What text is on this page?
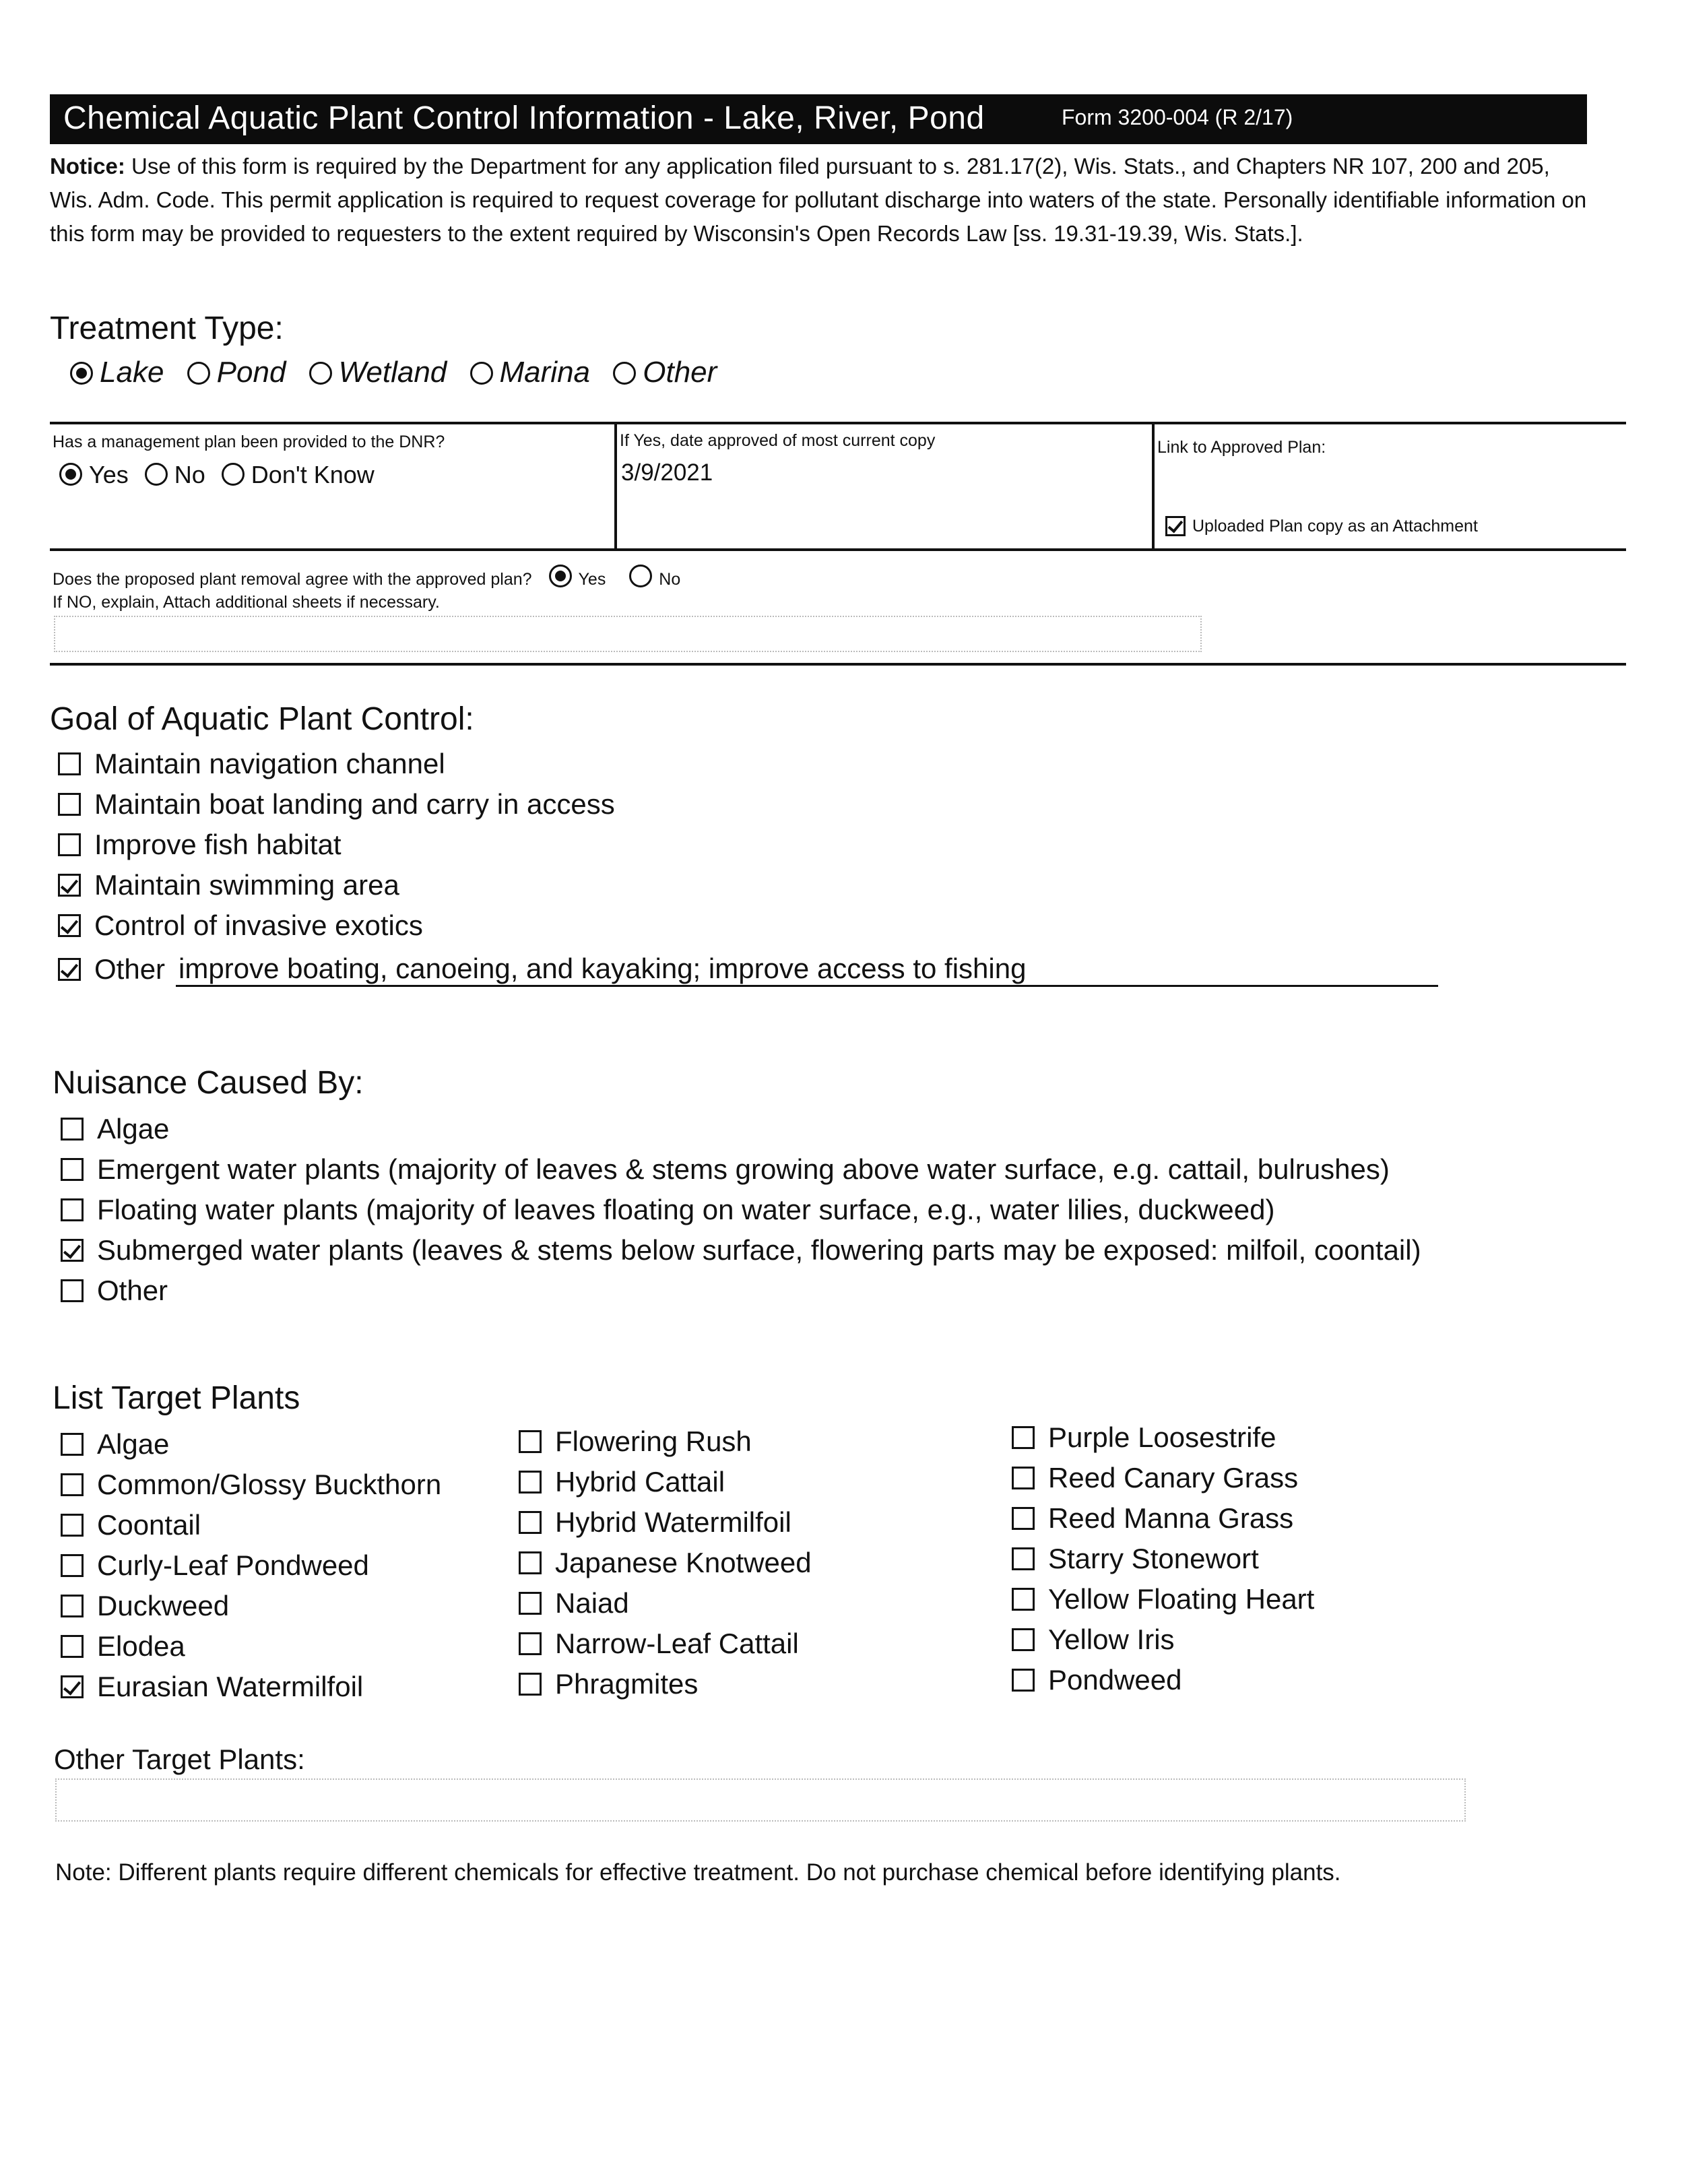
Chemical Aquatic Plant Control Information - Lake, River, Pond	Form 3200-004 (R 2/17)
Notice: Use of this form is required by the Department for any application filed pursuant to s. 281.17(2), Wis. Stats., and Chapters NR 107, 200 and 205, Wis. Adm. Code. This permit application is required to request coverage for pollutant discharge into waters of the state. Personally identifiable information on this form may be provided to requesters to the extent required by Wisconsin's Open Records Law [ss. 19.31-19.39, Wis. Stats.].
Treatment Type:
Lake Pond Wetland Marina Other
Has a management plan been provided to the DNR?
Yes No Don't Know
If Yes, date approved of most current copy
3/9/2021
Link to Approved Plan:
Uploaded Plan copy as an Attachment
Does the proposed plant removal agree with the approved plan?	Yes	No
If NO, explain, Attach additional sheets if necessary.
Goal of Aquatic Plant Control:
Maintain navigation channel
Maintain boat landing and carry in access
Improve fish habitat
Maintain swimming area
Control of invasive exotics
Other improve boating, canoeing, and kayaking; improve access to fishing
Nuisance Caused By:
Algae
Emergent water plants (majority of leaves & stems growing above water surface, e.g. cattail, bulrushes)
Floating water plants (majority of leaves floating on water surface, e.g., water lilies, duckweed)
Submerged water plants (leaves & stems below surface, flowering parts may be exposed: milfoil, coontail)
Other
List Target Plants
Algae
Common/Glossy Buckthorn
Coontail
Curly-Leaf Pondweed
Duckweed
Elodea
Eurasian Watermilfoil
Flowering Rush
Hybrid Cattail
Hybrid Watermilfoil
Japanese Knotweed
Naiad
Narrow-Leaf Cattail
Phragmites
Purple Loosestrife
Reed Canary Grass
Reed Manna Grass
Starry Stonewort
Yellow Floating Heart
Yellow Iris
Pondweed
Other Target Plants:
Note: Different plants require different chemicals for effective treatment. Do not purchase chemical before identifying plants.
